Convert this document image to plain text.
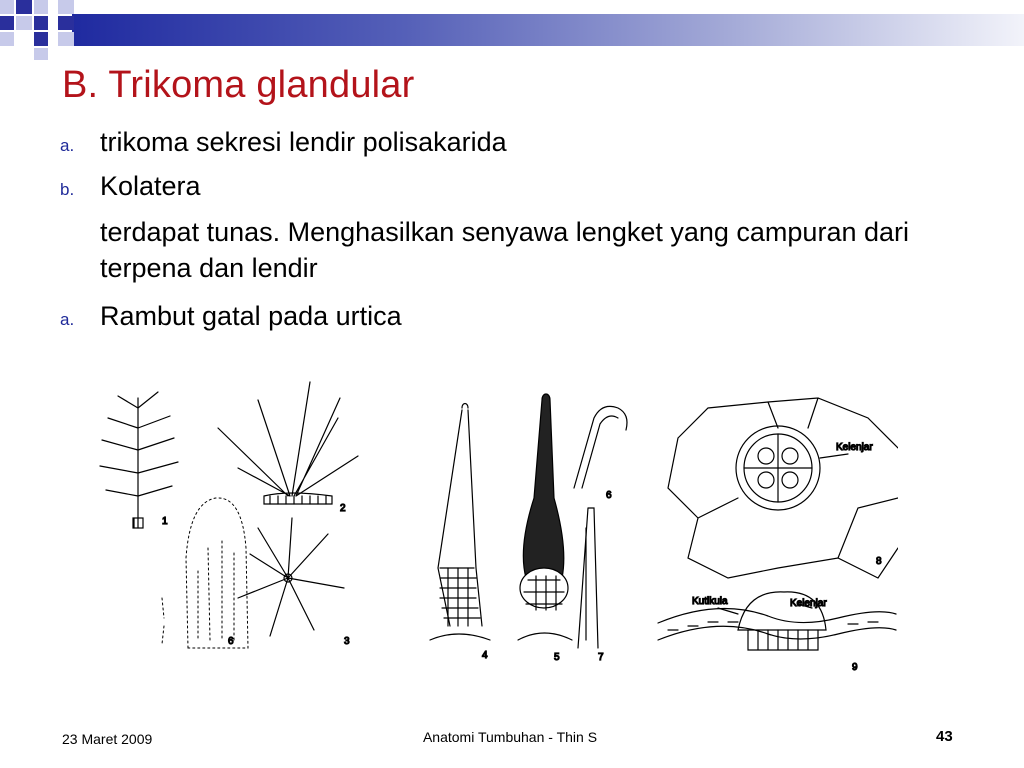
B. Trikoma glandular
a. trikoma sekresi lendir polisakarida
b. Kolatera
terdapat tunas. Menghasilkan senyawa lengket yang campuran dari terpena dan lendir
a. Rambut gatal pada urtica
1
2
3
6
4	5
6
7
Kelenjar
8
Kutikula	Kelenjar
9
23 Maret 2009	Anatomi Tumbuhan - Thin S	43
